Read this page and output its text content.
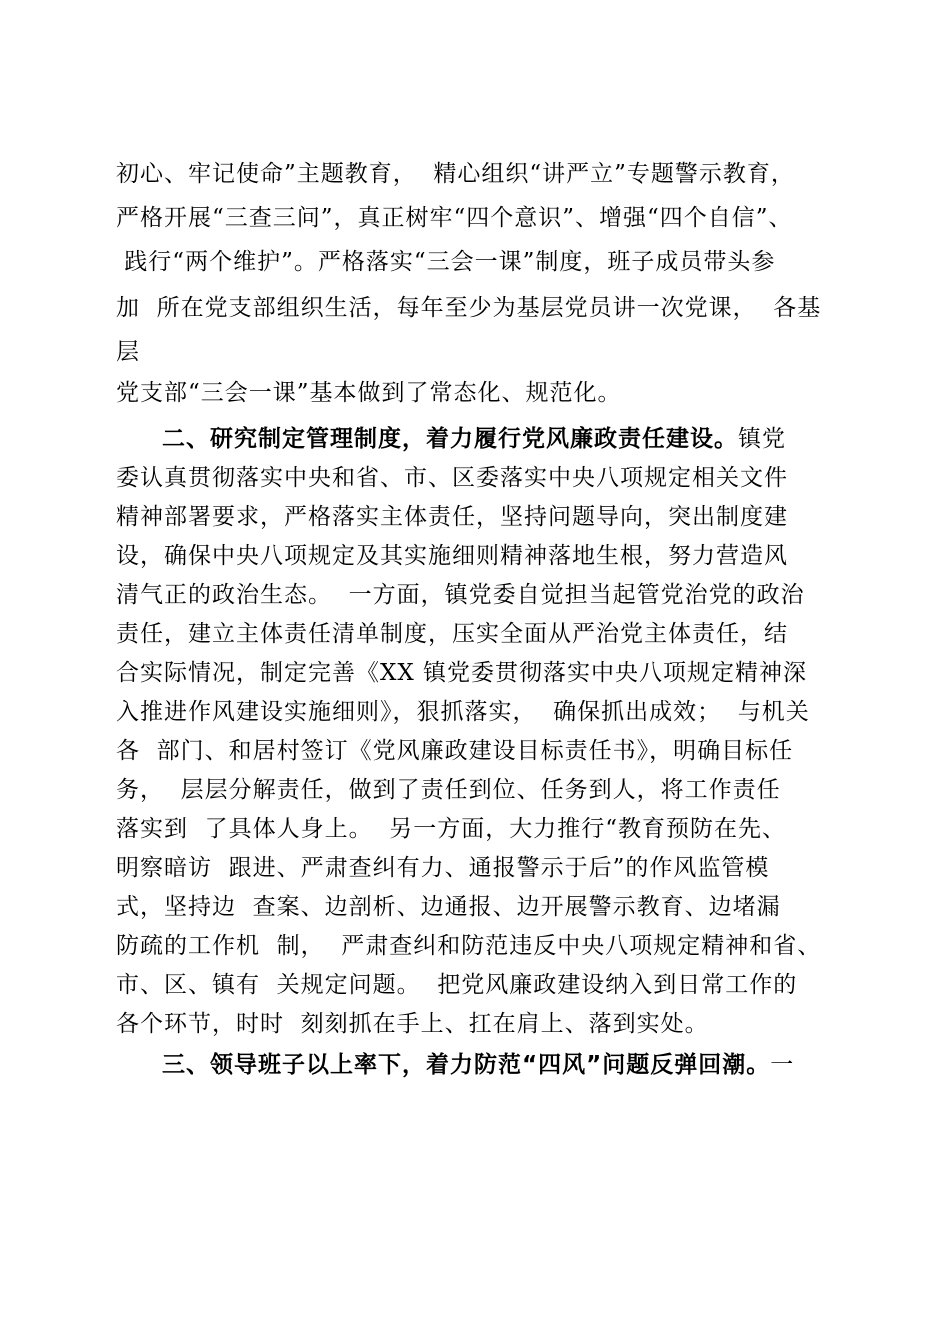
初心、牢记使命”主题教育，  精心组织“讲严立”专题警示教育，
严格开展“三查三问”，真正树牢“四个意识”、增强“四个自信”、
践行“两个维护”。严格落实“三会一课”制度，班子成员带头参
加  所在党支部组织生活，每年至少为基层党员讲一次党课，  各基
层
党支部“三会一课”基本做到了常态化、规范化。
二、研究制定管理制度，着力履行党风廉政责任建设。镇党
委认真贯彻落实中央和省、市、区委落实中央八项规定相关文件
精神部署要求，严格落实主体责任，坚持问题导向，突出制度建
设，确保中央八项规定及其实施细则精神落地生根，努力营造风
清气正的政治生态。  一方面，镇党委自觉担当起管党治党的政治
责任，建立主体责任清单制度，压实全面从严治党主体责任，结
合实际情况，制定完善《XX 镇党委贯彻落实中央八项规定精神深
入推进作风建设实施细则》，狠抓落实，  确保抓出成效；  与机关
各  部门、和居村签订《党风廉政建设目标责任书》，明确目标任
务，  层层分解责任，做到了责任到位、任务到人，将工作责任
落实到  了具体人身上。  另一方面，大力推行“教育预防在先、
明察暗访  跟进、严肃查纠有力、通报警示于后”的作风监管模
式，坚持边  查案、边剖析、边通报、边开展警示教育、边堵漏
防疏的工作机  制，  严肃查纠和防范违反中央八项规定精神和省、
市、区、镇有  关规定问题。  把党风廉政建设纳入到日常工作的
各个环节，时时  刻刻抓在手上、扛在肩上、落到实处。
三、领导班子以上率下，着力防范“四风”问题反弹回潮。一
